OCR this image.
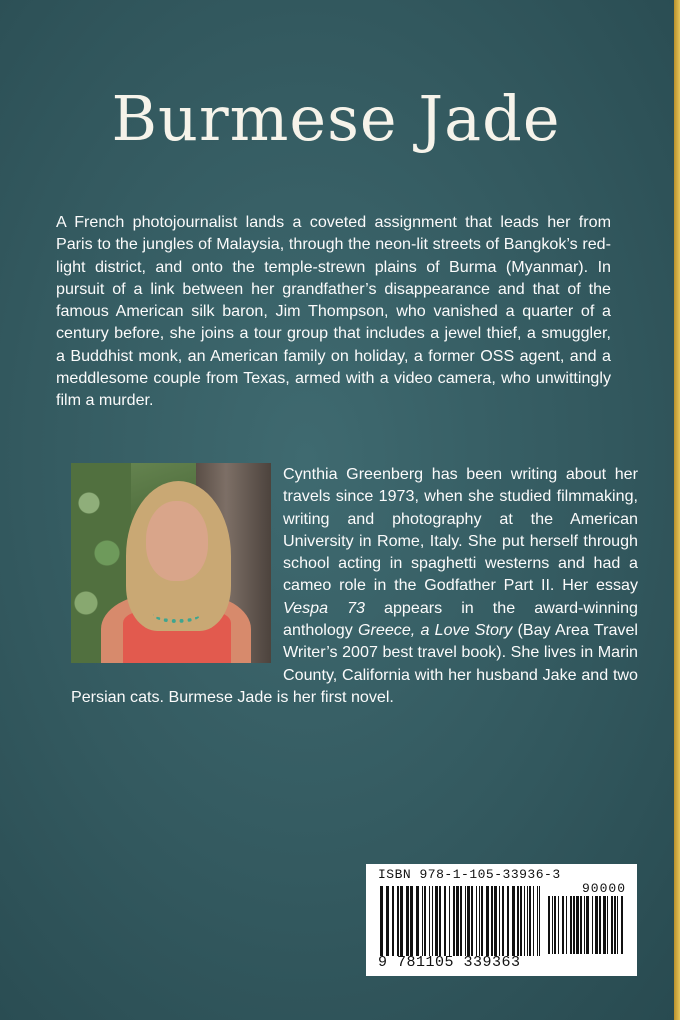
Burmese Jade

A French photojournalist lands a coveted assignment that leads her from Paris to the jungles of Malaysia, through the neon-lit streets of Bangkok’s red-light district, and onto the temple-strewn plains of Burma (Myanmar). In pursuit of a link between her grandfather’s disappearance and that of the famous American silk baron, Jim Thompson, who vanished a quarter of a century before, she joins a tour group that includes a jewel thief, a smuggler, a Buddhist monk, an American family on holiday, a former OSS agent, and a meddlesome couple from Texas, armed with a video camera, who unwittingly film a murder.

Cynthia Greenberg has been writing about her travels since 1973, when she studied filmmaking, writing and photography at the American University in Rome, Italy. She put herself through school acting in spaghetti westerns and had a cameo role in the Godfather Part II. Her essay Vespa 73 appears in the award-winning anthology Greece, a Love Story (Bay Area Travel Writer’s 2007 best travel book). She lives in Marin County, California with her husband Jake and two Persian cats. Burmese Jade is her first novel.

ISBN 978-1-105-33936-3
90000
9 781105 339363
